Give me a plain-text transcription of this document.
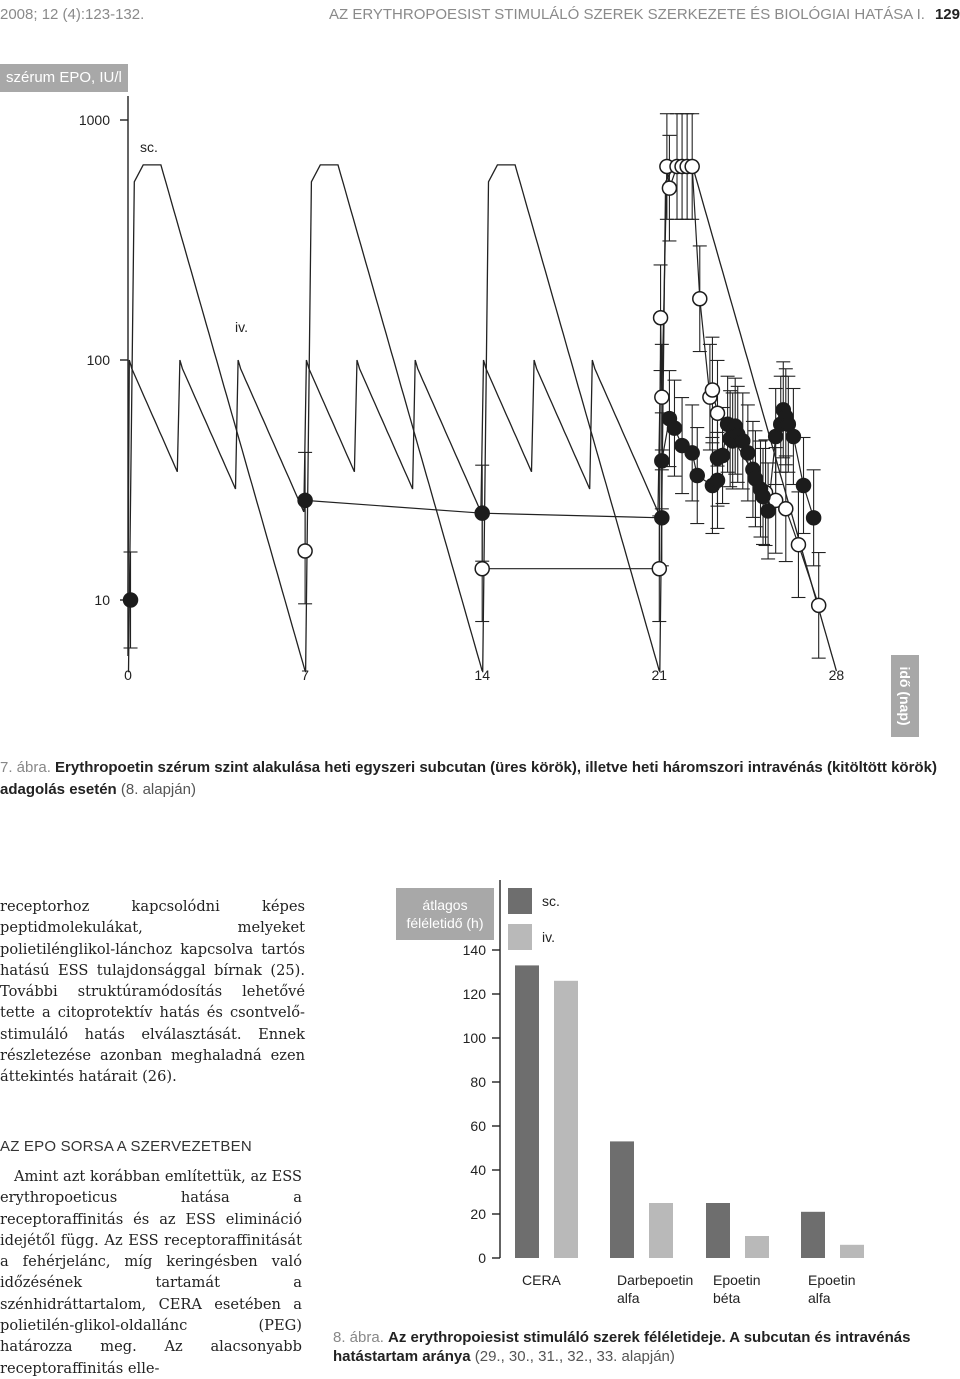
2008; 12 (4):123-132.	AZ ERYTHROPOESIST STIMULÁLÓ SZEREK SZERKEZETE ÉS BIOLÓGIAI HATÁSA I. 129
szérum EPO, IU/l
1000
100
10
0	7	14	21	28
sc.
iv.
idő (nap)
7. ábra. Erythropoetin szérum szint alakulása heti egyszeri subcutan (üres körök), illetve heti háromszori intravénás (kitöltött körök) adagolás esetén (8. alapján)

receptorhoz kapcsolódni képes peptidmolekulákat, melyeket polietilénglikol-lánchoz kapcsolva tartós hatású ESS tulajdonsággal bírnak (25). További struktúramódosítás lehetővé tette a citoprotektív hatás és csontvelő-stimuláló hatás elválasztását. Ennek részletezése azonban meghaladná ezen áttekintés határait (26).

AZ EPO SORSA A SZERVEZETBEN

Amint azt korábban említettük, az ESS erythropoeticus hatása a receptoraffinitás és az ESS elimináció idejétől függ. Az ESS receptoraffinitását a fehérjelánc, míg keringésben való időzésének tartamát a szénhidráttartalom, CERA esetében a polietilén-glikol-oldallánc (PEG) határozza meg. Az alacsonyabb receptoraffinitás elle-

átlagos féléletidő (h)
0
20
40
60
80
100
120
140
sc.
iv.
CERA	Darbepoetin
alfa
Epoetin
béta
Epoetin
alfa
8. ábra. Az erythropoiesist stimuláló szerek féléletideje. A subcutan és intravénás hatástartam aránya (29., 30., 31., 32., 33. alapján)
